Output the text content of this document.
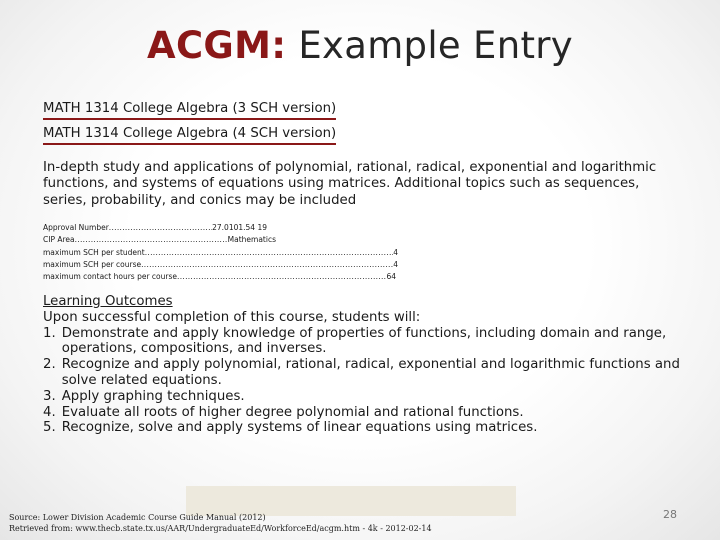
ACGM: Example Entry
MATH 1314 College Algebra (3 SCH version)
MATH 1314 College Algebra (4 SCH version)
In-depth study and applications of polynomial, rational, radical, exponential and logarithmic functions, and systems of equations using matrices. Additional topics such as sequences, series, probability, and conics may be included
Approval Number .....	27.0101.54 19
CIP Area .....	Mathematics
maximum SCH per student .....	4
maximum SCH per course .....	4
maximum contact hours per course .....	64
Learning Outcomes
Upon successful completion of this course, students will:
1. Demonstrate and apply knowledge of properties of functions, including domain and range, operations, compositions, and inverses.
2. Recognize and apply polynomial, rational, radical, exponential and logarithmic functions and solve related equations.
3. Apply graphing techniques.
4. Evaluate all roots of higher degree polynomial and rational functions.
5. Recognize, solve and apply systems of linear equations using matrices.
Source: Lower Division Academic Course Guide Manual (2012)
Retrieved from: www.thecb.state.tx.us/AAR/UndergraduateEd/WorkforceEd/acgm.htm - 4k - 2012-02-14
28
